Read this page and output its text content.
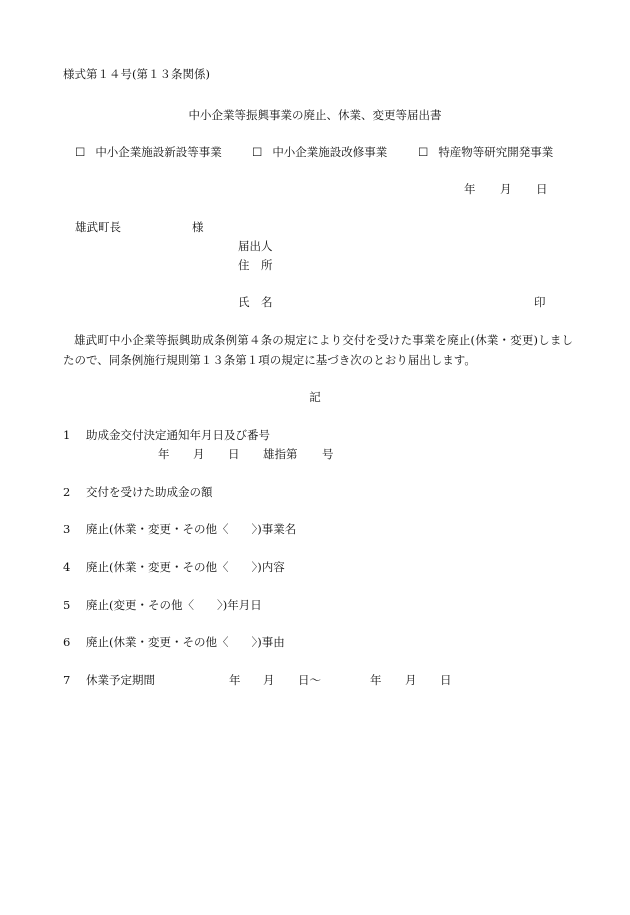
様式第１４号(第１３条関係)
中小企業等振興事業の廃止、休業、変更等届出書
☐ 中小企業施設新設等事業	☐ 中小企業施設改修事業	☐ 特産物等研究開発事業
年 月 日
雄武町長	様
届出人
住　所
氏　名	印
雄武町中小企業等振興助成条例第４条の規定により交付を受けた事業を廃止(休業・変更)しましたので、同条例施行規則第１３条第１項の規定に基づき次のとおり届出します。
記
1 助成金交付決定通知年月日及び番号
年 月 日 雄指第 号
2 交付を受けた助成金の額
3 廃止(休業・変更・その他〈　　〉)事業名
4 廃止(休業・変更・その他〈　　〉)内容
5 廃止(変更・その他〈　　〉)年月日
6 廃止(休業・変更・その他〈　　〉)事由
7 休業予定期間	年 月 日〜	年 月 日
